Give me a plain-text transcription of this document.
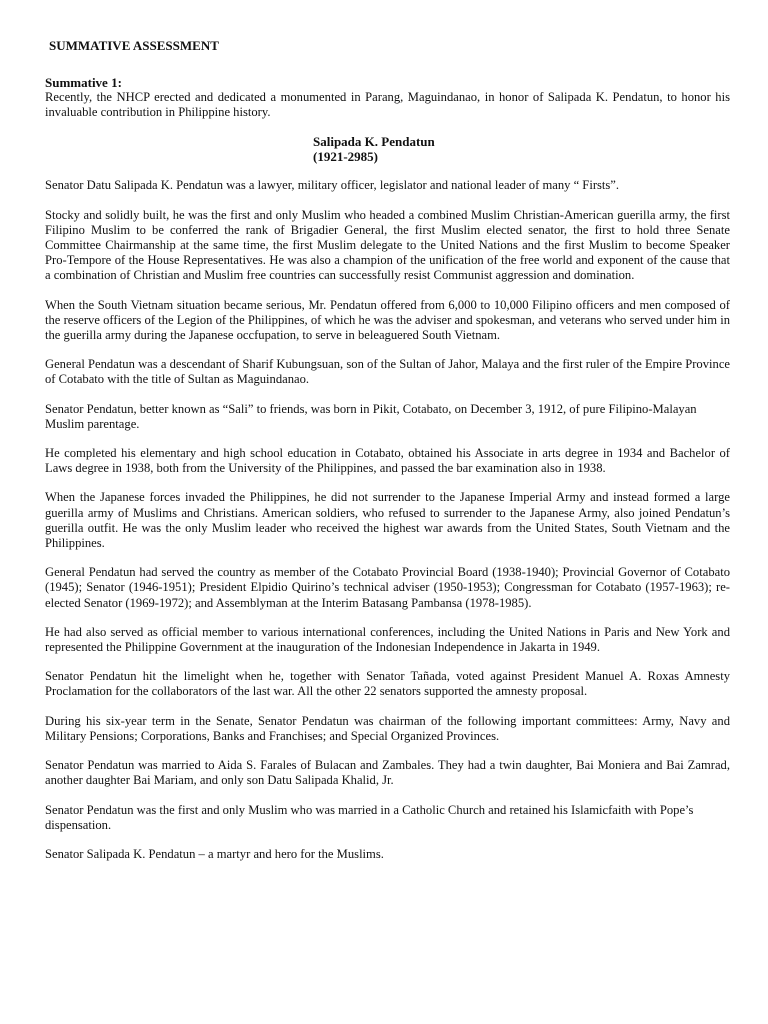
SUMMATIVE ASSESSMENT
Summative 1:

Recently, the NHCP erected and dedicated a monumented in Parang, Maguindanao, in honor of Salipada K. Pendatun, to honor his invaluable contribution in Philippine history.

Salipada K. Pendatun
(1921-2985)

Senator Datu Salipada K. Pendatun was a lawyer, military officer, legislator and national leader of many “ Firsts”.

Stocky and solidly built, he was the first and only Muslim who headed a combined Muslim Christian-American guerilla army, the first Filipino Muslim to be conferred the rank of Brigadier General, the first Muslim elected senator, the first to hold three Senate Committee Chairmanship at the same time, the first Muslim delegate to the United Nations and the first Muslim to become Speaker Pro-Tempore of the House Representatives. He was also a champion of the unification of the free world and exponent of the cause that a combination of Christian and Muslim free countries can successfully resist Communist aggression and domination.

When the South Vietnam situation became serious, Mr. Pendatun offered from 6,000 to 10,000 Filipino officers and men composed of the reserve officers of the Legion of the Philippines, of which he was the adviser and spokesman, and veterans who served under him in the guerilla army during the Japanese occfupation, to serve in beleaguered South Vietnam.

General Pendatun was a descendant of Sharif Kubungsuan, son of the Sultan of Jahor, Malaya and the first ruler of the Empire Province of Cotabato with the title of Sultan as Maguindanao.

Senator Pendatun, better known as “Sali” to friends, was born in Pikit, Cotabato, on December 3, 1912, of pure Filipino-Malayan Muslim parentage.

He completed his elementary and high school education in Cotabato, obtained his Associate in arts degree in 1934 and Bachelor of Laws degree in 1938, both from the University of the Philippines, and passed the bar examination also in 1938.

When the Japanese forces invaded the Philippines, he did not surrender to the Japanese Imperial Army and instead formed a large guerilla army of Muslims and Christians. American soldiers, who refused to surrender to the Japanese Army, also joined Pendatun’s guerilla outfit. He was the only Muslim leader who received the highest war awards from the United States, South Vietnam and the Philippines.

General Pendatun had served the country as member of the Cotabato Provincial Board (1938-1940); Provincial Governor of Cotabato (1945); Senator (1946-1951); President Elpidio Quirino’s technical adviser (1950-1953); Congressman for Cotabato (1957-1963); re-elected Senator (1969-1972); and Assemblyman at the Interim Batasang Pambansa (1978-1985).

He had also served as official member to various international conferences, including the United Nations in Paris and New York and represented the Philippine Government at the inauguration of the Indonesian Independence in Jakarta in 1949.

Senator Pendatun hit the limelight when he, together with Senator Tañada, voted against President Manuel A. Roxas Amnesty Proclamation for the collaborators of the last war. All the other 22 senators supported the amnesty proposal.

During his six-year term in the Senate, Senator Pendatun was chairman of the following important committees: Army, Navy and Military Pensions; Corporations, Banks and Franchises; and Special Organized Provinces.

Senator Pendatun was married to Aida S. Farales of Bulacan and Zambales. They had a twin daughter, Bai Moniera and Bai Zamrad, another daughter Bai Mariam, and only son Datu Salipada Khalid, Jr.

Senator Pendatun was the first and only Muslim who was married in a Catholic Church and retained his Islamicfaith with Pope’s dispensation.

Senator Salipada K. Pendatun – a martyr and hero for the Muslims.
